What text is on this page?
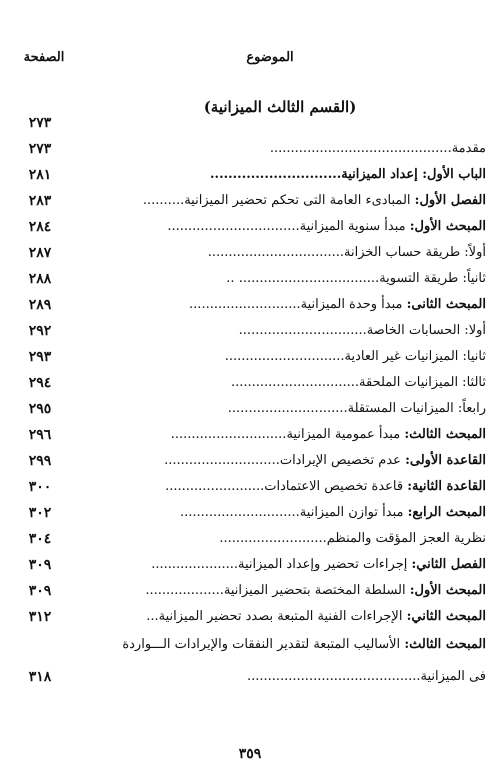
الموضوع
الصفحة
(القسم الثالث الميزانية)
٢٧٣
مقدمة............................................
٢٧٣
الباب الأول: إعداد الميزانية.............................
٢٨١
الفصل الأول: المبادىء العامة التى تحكم تحضير الميزانية..........
٢٨٣
المبحث الأول: مبدأ سنوية الميزانية................................
٢٨٤
أولاً: طريقة حساب الخزانة.................................
٢٨٧
ثانياً: طريقة التسوية.................................. ..
٢٨٨
المبحث الثانى: مبدأ وحدة الميزانية...........................
٢٨٩
أولا: الحسابات الخاصة...............................
٢٩٢
ثانيا: الميزانيات غير العادية.............................
٢٩٣
ثالثا: الميزانيات الملحقة...............................
٢٩٤
رابعاً: الميزانيات المستقلة.............................
٢٩٥
المبحث الثالث: مبدأ عمومية الميزانية............................
٢٩٦
القاعدة الأولى: عدم تخصيص الإيرادات............................
٢٩٩
القاعدة الثانية: قاعدة تخصيص الاعتمادات........................
٣٠٠
المبحث الرابع: مبدأ توازن الميزانية.............................
٣٠٢
نظرية العجز المؤقت والمنظم..........................
٣٠٤
الفصل الثاني: إجراءات تحضير وإعداد الميزانية.....................
٣٠٩
المبحث الأول: السلطة المختصة بتحضير الميزانية...................
٣٠٩
المبحث الثاني: الإجراءات الفنية المتبعة بصدد تحضير الميزانية...
٣١٢
المبحث الثالث: الأساليب المتبعة لتقدير النفقات والإيرادات الـــواردة
فى الميزانية..........................................
٣١٨
٣٥٩
